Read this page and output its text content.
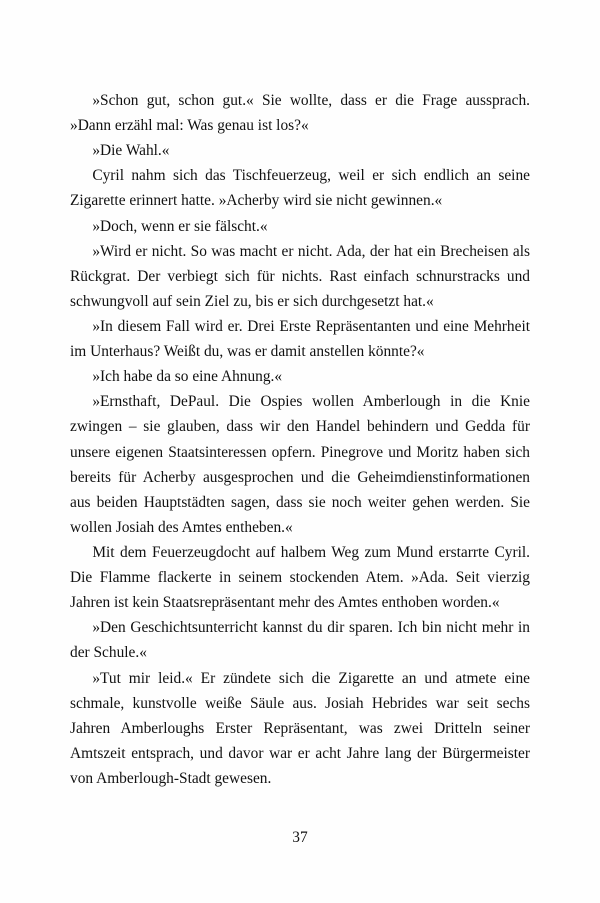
»Schon gut, schon gut.« Sie wollte, dass er die Frage aussprach. »Dann erzähl mal: Was genau ist los?«

»Die Wahl.«

Cyril nahm sich das Tischfeuerzeug, weil er sich endlich an seine Zigarette erinnert hatte. »Acherby wird sie nicht gewinnen.«

»Doch, wenn er sie fälscht.«

»Wird er nicht. So was macht er nicht. Ada, der hat ein Brecheisen als Rückgrat. Der verbiegt sich für nichts. Rast einfach schnurstracks und schwungvoll auf sein Ziel zu, bis er sich durchgesetzt hat.«

»In diesem Fall wird er. Drei Erste Repräsentanten und eine Mehrheit im Unterhaus? Weißt du, was er damit anstellen könnte?«

»Ich habe da so eine Ahnung.«

»Ernsthaft, DePaul. Die Ospies wollen Amberlough in die Knie zwingen – sie glauben, dass wir den Handel behindern und Gedda für unsere eigenen Staatsinteressen opfern. Pinegrove und Moritz haben sich bereits für Acherby ausgesprochen und die Geheimdienstinformationen aus beiden Hauptstädten sagen, dass sie noch weiter gehen werden. Sie wollen Josiah des Amtes entheben.«

Mit dem Feuerzeugdocht auf halbem Weg zum Mund erstarrte Cyril. Die Flamme flackerte in seinem stockenden Atem. »Ada. Seit vierzig Jahren ist kein Staatsrepräsentant mehr des Amtes enthoben worden.«

»Den Geschichtsunterricht kannst du dir sparen. Ich bin nicht mehr in der Schule.«

»Tut mir leid.« Er zündete sich die Zigarette an und atmete eine schmale, kunstvolle weiße Säule aus. Josiah Hebrides war seit sechs Jahren Amberloughs Erster Repräsentant, was zwei Dritteln seiner Amtszeit entsprach, und davor war er acht Jahre lang der Bürgermeister von Amberlough-Stadt gewesen.

37
